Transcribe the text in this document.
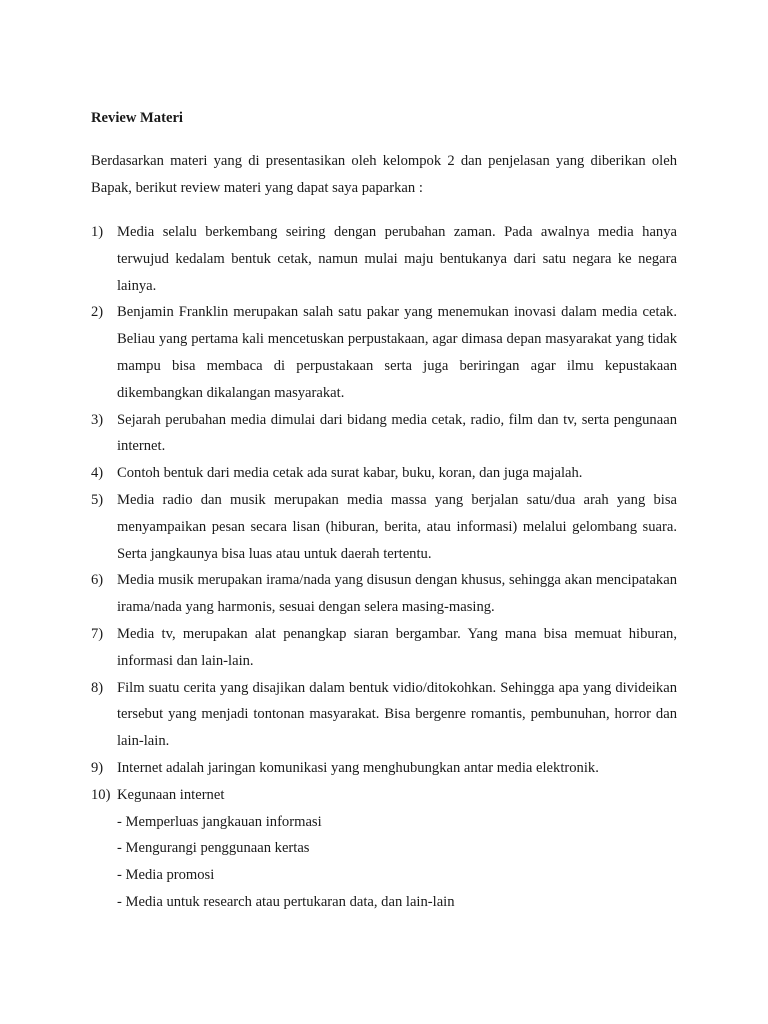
Review Materi
Berdasarkan materi yang di presentasikan oleh kelompok 2 dan penjelasan yang diberikan oleh Bapak, berikut review materi yang dapat saya paparkan :
1) Media selalu berkembang seiring dengan perubahan zaman. Pada awalnya media hanya terwujud kedalam bentuk cetak, namun mulai maju bentukanya dari satu negara ke negara lainya.
2) Benjamin Franklin merupakan salah satu pakar yang menemukan inovasi dalam media cetak. Beliau yang pertama kali mencetuskan perpustakaan, agar dimasa depan masyarakat yang tidak mampu bisa membaca di perpustakaan serta juga beriringan agar ilmu kepustakaan dikembangkan dikalangan masyarakat.
3) Sejarah perubahan media dimulai dari bidang media cetak, radio, film dan tv, serta pengunaan internet.
4) Contoh bentuk dari media cetak ada surat kabar, buku, koran, dan juga majalah.
5) Media radio dan musik merupakan media massa yang berjalan satu/dua arah yang bisa menyampaikan pesan secara lisan (hiburan, berita, atau informasi) melalui gelombang suara. Serta jangkaunya bisa luas atau untuk daerah tertentu.
6) Media musik merupakan irama/nada yang disusun dengan khusus, sehingga akan mencipatakan irama/nada yang harmonis, sesuai dengan selera masing-masing.
7) Media tv, merupakan alat penangkap siaran bergambar. Yang mana bisa memuat hiburan, informasi dan lain-lain.
8) Film suatu cerita yang disajikan dalam bentuk vidio/ditokohkan. Sehingga apa yang divideikan  tersebut yang menjadi tontonan masyarakat. Bisa bergenre romantis, pembunuhan, horror dan lain-lain.
9) Internet adalah jaringan komunikasi yang menghubungkan antar media elektronik.
10) Kegunaan internet
- Memperluas jangkauan informasi
- Mengurangi penggunaan kertas
- Media promosi
- Media untuk research atau pertukaran data, dan lain-lain
